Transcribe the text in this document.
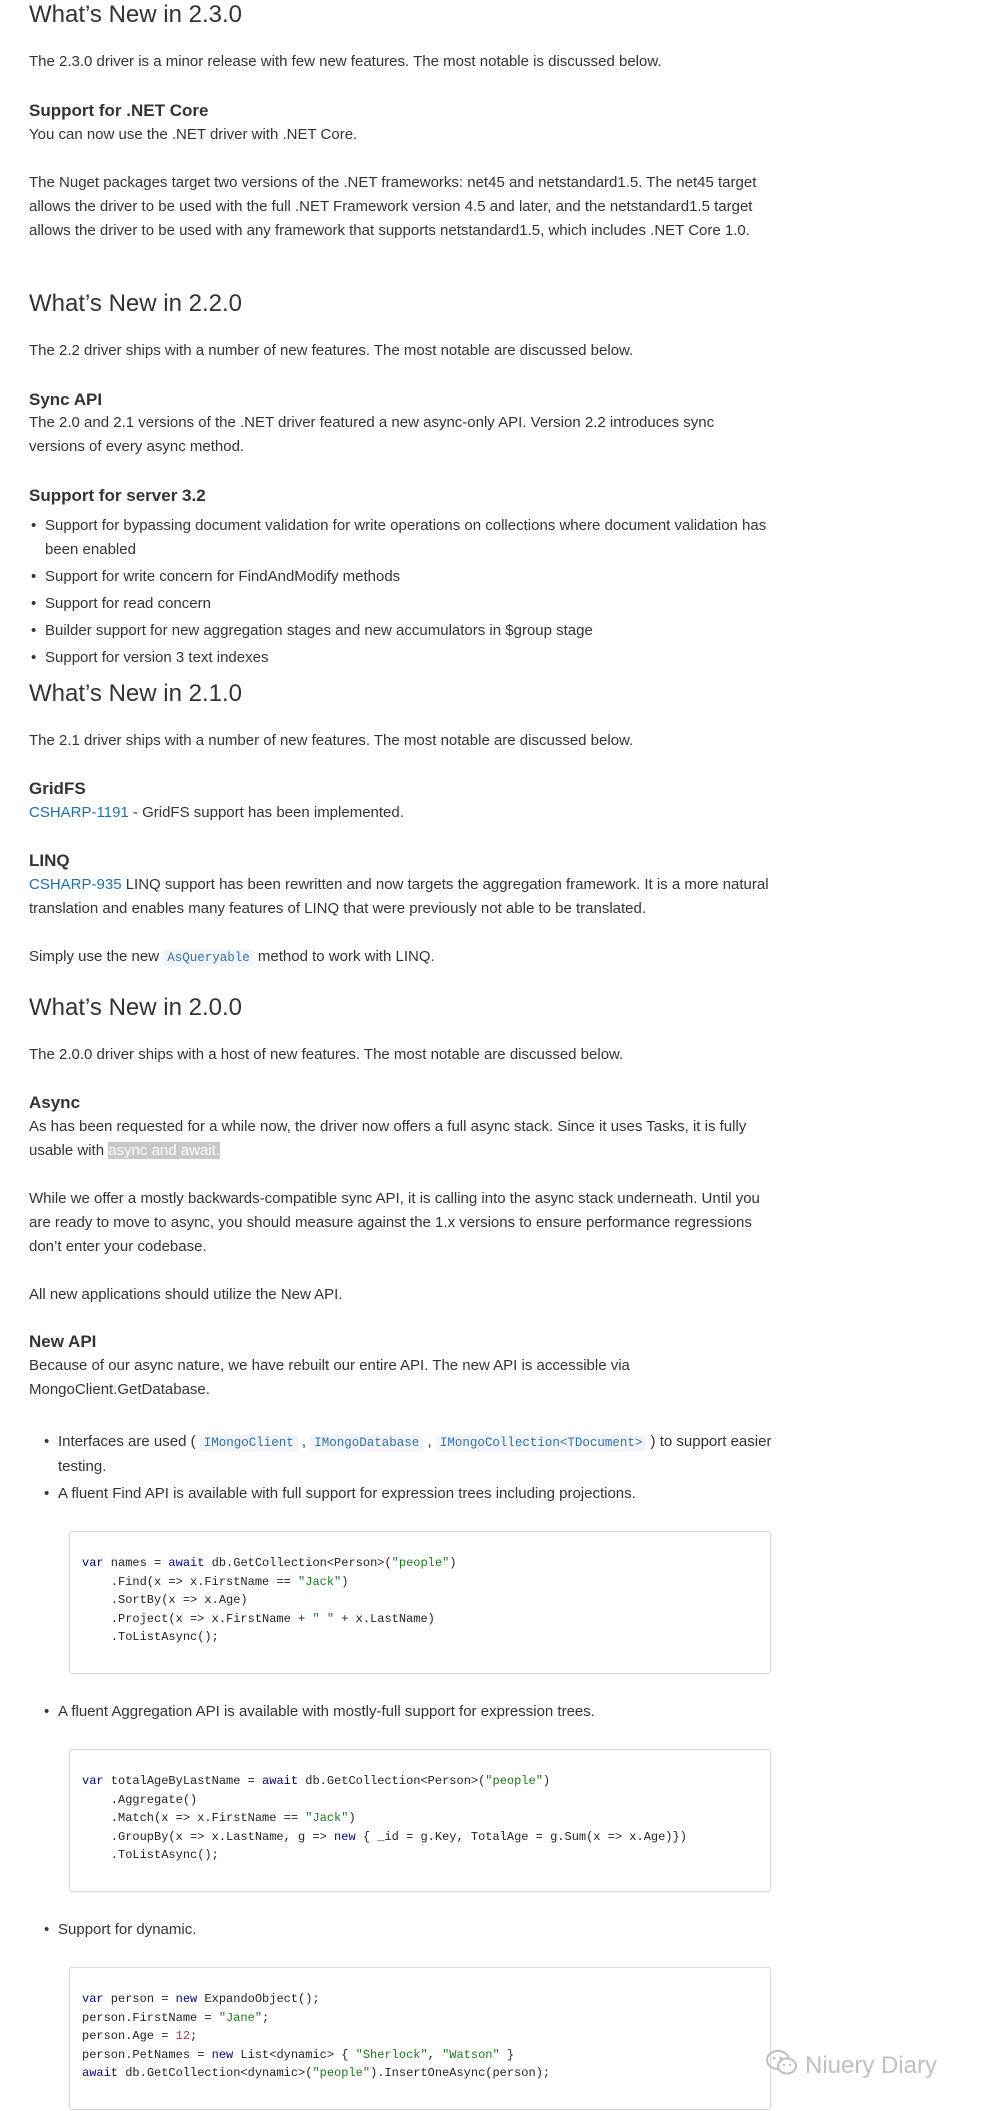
What’s New in 2.3.0

The 2.3.0 driver is a minor release with few new features. The most notable is discussed below.

Support for .NET Core

You can now use the .NET driver with .NET Core.

The Nuget packages target two versions of the .NET frameworks: net45 and netstandard1.5. The net45 target allows the driver to be used with the full .NET Framework version 4.5 and later, and the netstandard1.5 target allows the driver to be used with any framework that supports netstandard1.5, which includes .NET Core 1.0.

What’s New in 2.2.0

The 2.2 driver ships with a number of new features. The most notable are discussed below.

Sync API

The 2.0 and 2.1 versions of the .NET driver featured a new async-only API. Version 2.2 introduces sync versions of every async method.

Support for server 3.2
• Support for bypassing document validation for write operations on collections where document validation has been enabled
• Support for write concern for FindAndModify methods
• Support for read concern
• Builder support for new aggregation stages and new accumulators in $group stage
• Support for version 3 text indexes
What’s New in 2.1.0

The 2.1 driver ships with a number of new features. The most notable are discussed below.

GridFS

CSHARP-1191 - GridFS support has been implemented.

LINQ

CSHARP-935 LINQ support has been rewritten and now targets the aggregation framework. It is a more natural translation and enables many features of LINQ that were previously not able to be translated.

Simply use the new AsQueryable method to work with LINQ.

What’s New in 2.0.0

The 2.0.0 driver ships with a host of new features. The most notable are discussed below.

Async

As has been requested for a while now, the driver now offers a full async stack. Since it uses Tasks, it is fully usable with async and await.

While we offer a mostly backwards-compatible sync API, it is calling into the async stack underneath. Until you are ready to move to async, you should measure against the 1.x versions to ensure performance regressions don’t enter your codebase.

All new applications should utilize the New API.

New API

Because of our async nature, we have rebuilt our entire API. The new API is accessible via MongoClient.GetDatabase.

• Interfaces are used ( IMongoClient , IMongoDatabase , IMongoCollection<TDocument> ) to support easier testing.
• A fluent Find API is available with full support for expression trees including projections.
var names = await db.GetCollection<Person>("people")
.Find(x => x.FirstName == "Jack")
.SortBy(x => x.Age)
.Project(x => x.FirstName + " " + x.LastName)
.ToListAsync();
• A fluent Aggregation API is available with mostly-full support for expression trees.
var totalAgeByLastName = await db.GetCollection<Person>("people")
.Aggregate()
.Match(x => x.FirstName == "Jack")
.GroupBy(x => x.LastName, g => new { _id = g.Key, TotalAge = g.Sum(x => x.Age)})
.ToListAsync();
• Support for dynamic.
var person = new ExpandoObject();
person.FirstName = "Jane";
person.Age = 12;
person.PetNames = new List<dynamic> { "Sherlock", "Watson" }
await db.GetCollection<dynamic>("people").InsertOneAsync(person);	Niuery Diary
